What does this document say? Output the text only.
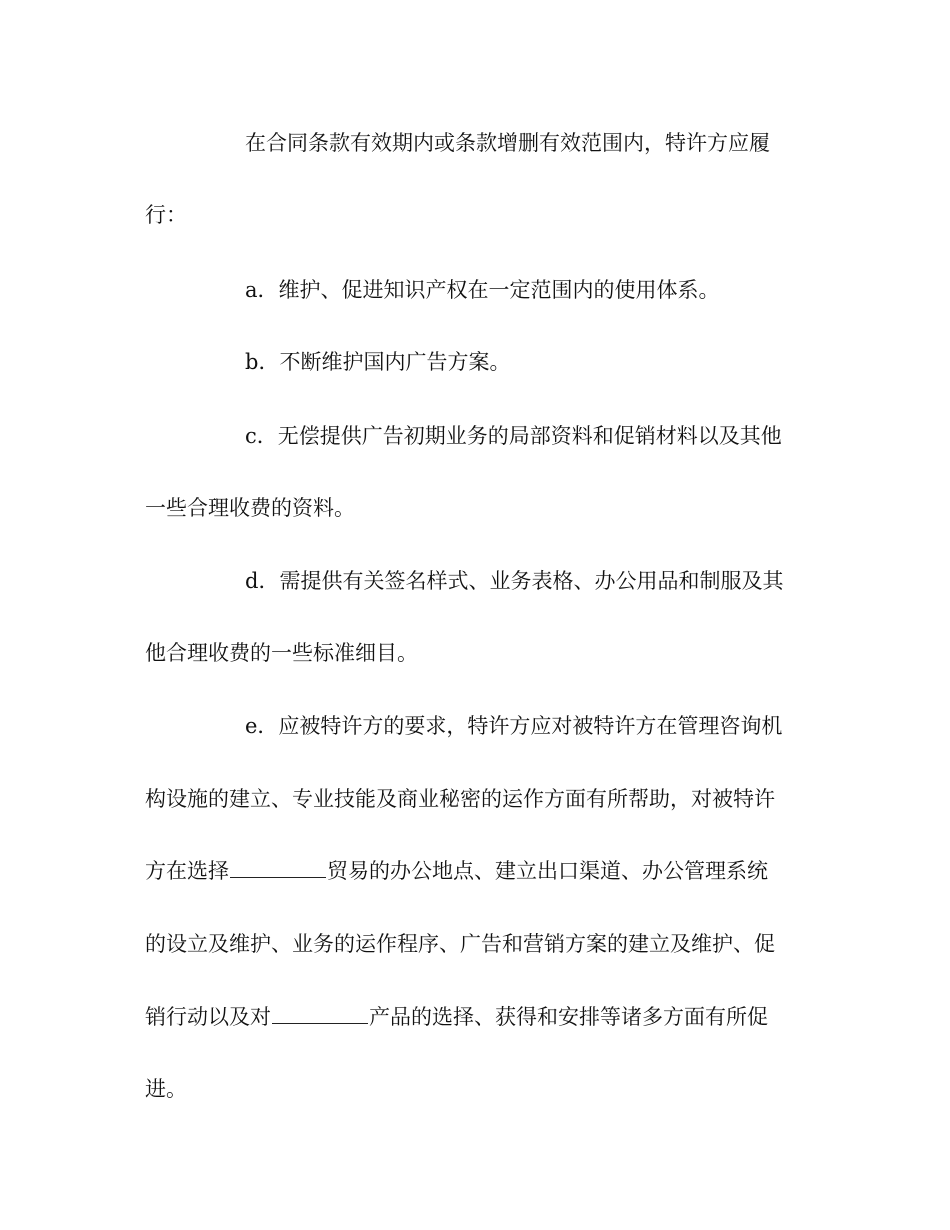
在合同条款有效期内或条款增删有效范围内，特许方应履
行：
a．维护、促进知识产权在一定范围内的使用体系。
b．不断维护国内广告方案。
c．无偿提供广告初期业务的局部资料和促销材料以及其他
一些合理收费的资料。
d．需提供有关签名样式、业务表格、办公用品和制服及其
他合理收费的一些标准细目。
e．应被特许方的要求，特许方应对被特许方在管理咨询机
构设施的建立、专业技能及商业秘密的运作方面有所帮助，对被特许
方在选择	贸易的办公地点、建立出口渠道、办公管理系统
的设立及维护、业务的运作程序、广告和营销方案的建立及维护、促
销行动以及对	产品的选择、获得和安排等诸多方面有所促
进。
